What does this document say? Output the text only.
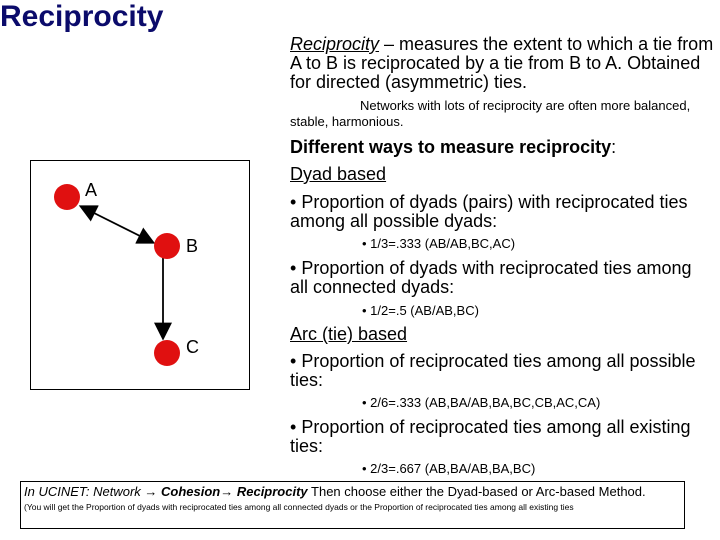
Reciprocity

Reciprocity – measures the extent to which a tie from A to B is reciprocated by a tie from B to A. Obtained for directed (asymmetric) ties.

Networks with lots of reciprocity are often more balanced, stable, harmonious.

Different ways to measure reciprocity:

Dyad based

• Proportion of dyads (pairs) with reciprocated ties among all possible dyads:

• 1/3=.333 (AB/AB,BC,AC)

• Proportion of dyads with reciprocated ties among all connected dyads:

• 1/2=.5 (AB/AB,BC)

Arc (tie) based

• Proportion of reciprocated ties among all possible ties:

• 2/6=.333 (AB,BA/AB,BA,BC,CB,AC,CA)

• Proportion of reciprocated ties among all existing ties:

• 2/3=.667 (AB,BA/AB,BA,BC)

A
B
C
In UCINET: Network → Cohesion→ Reciprocity Then choose either the Dyad-based or Arc-based Method.
(You will get the Proportion of dyads with reciprocated ties among all connected dyads or the Proportion of reciprocated ties among all existing ties
